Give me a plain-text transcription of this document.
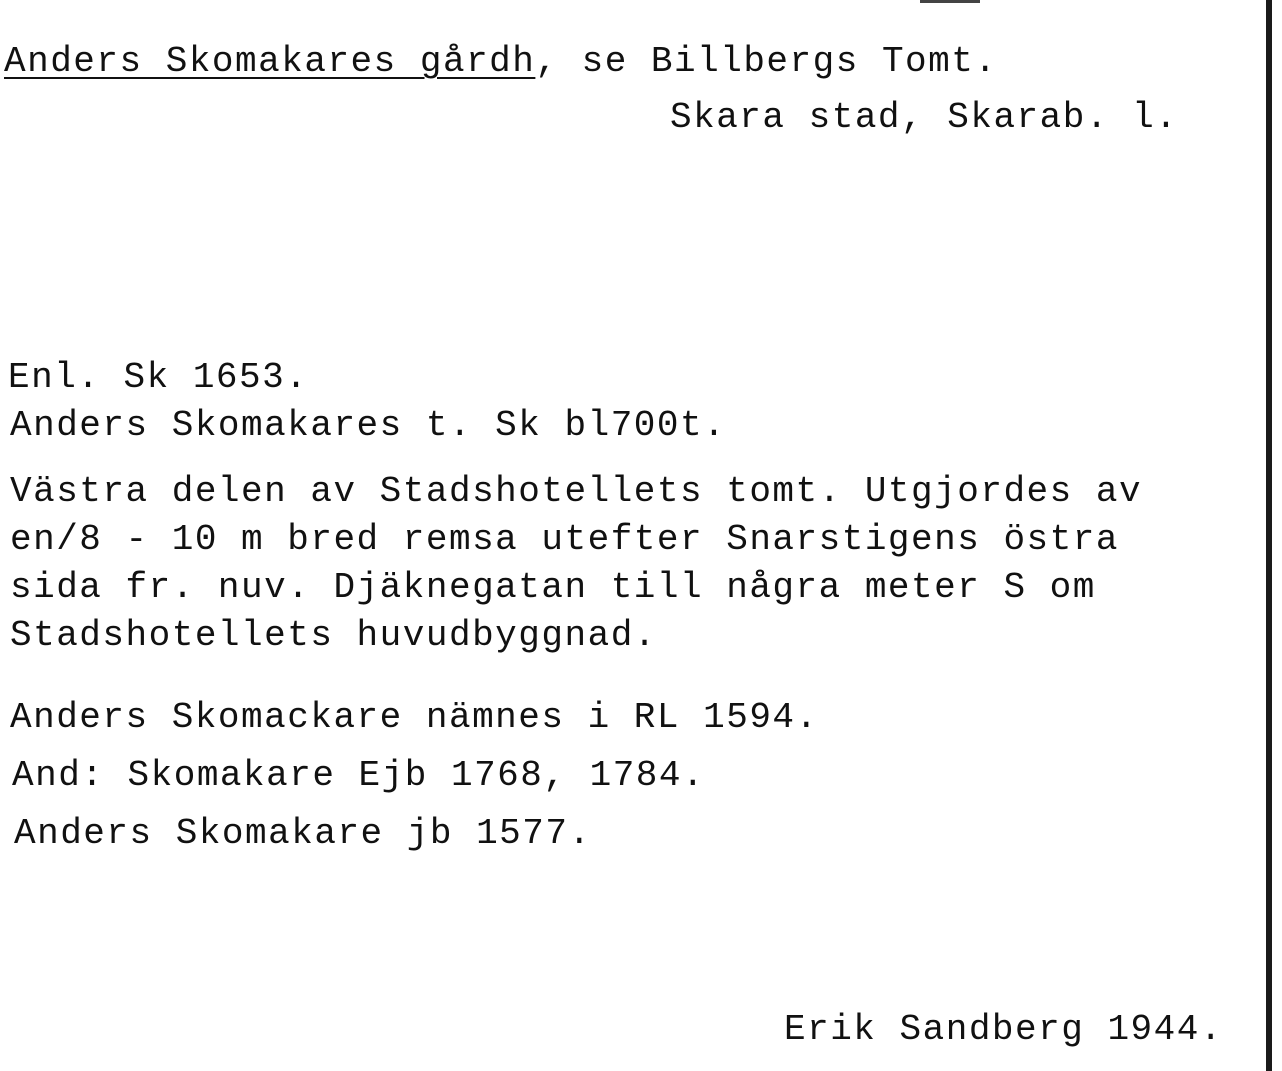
Anders Skomakares gårdh, se Billbergs Tomt.
Skara stad, Skarab. l.
Enl. Sk 1653.
Anders Skomakares t. Sk bl700t.
Västra delen av Stadshotellets tomt. Utgjordes av
en/8 - 10 m bred remsa utefter Snarstigens östra
sida fr. nuv. Djäknegatan till några meter S om
Stadshotellets huvudbyggnad.
Anders Skomackare nämnes i RL 1594.
And: Skomakare Ejb 1768, 1784.
Anders Skomakare jb 1577.
Erik Sandberg 1944.
